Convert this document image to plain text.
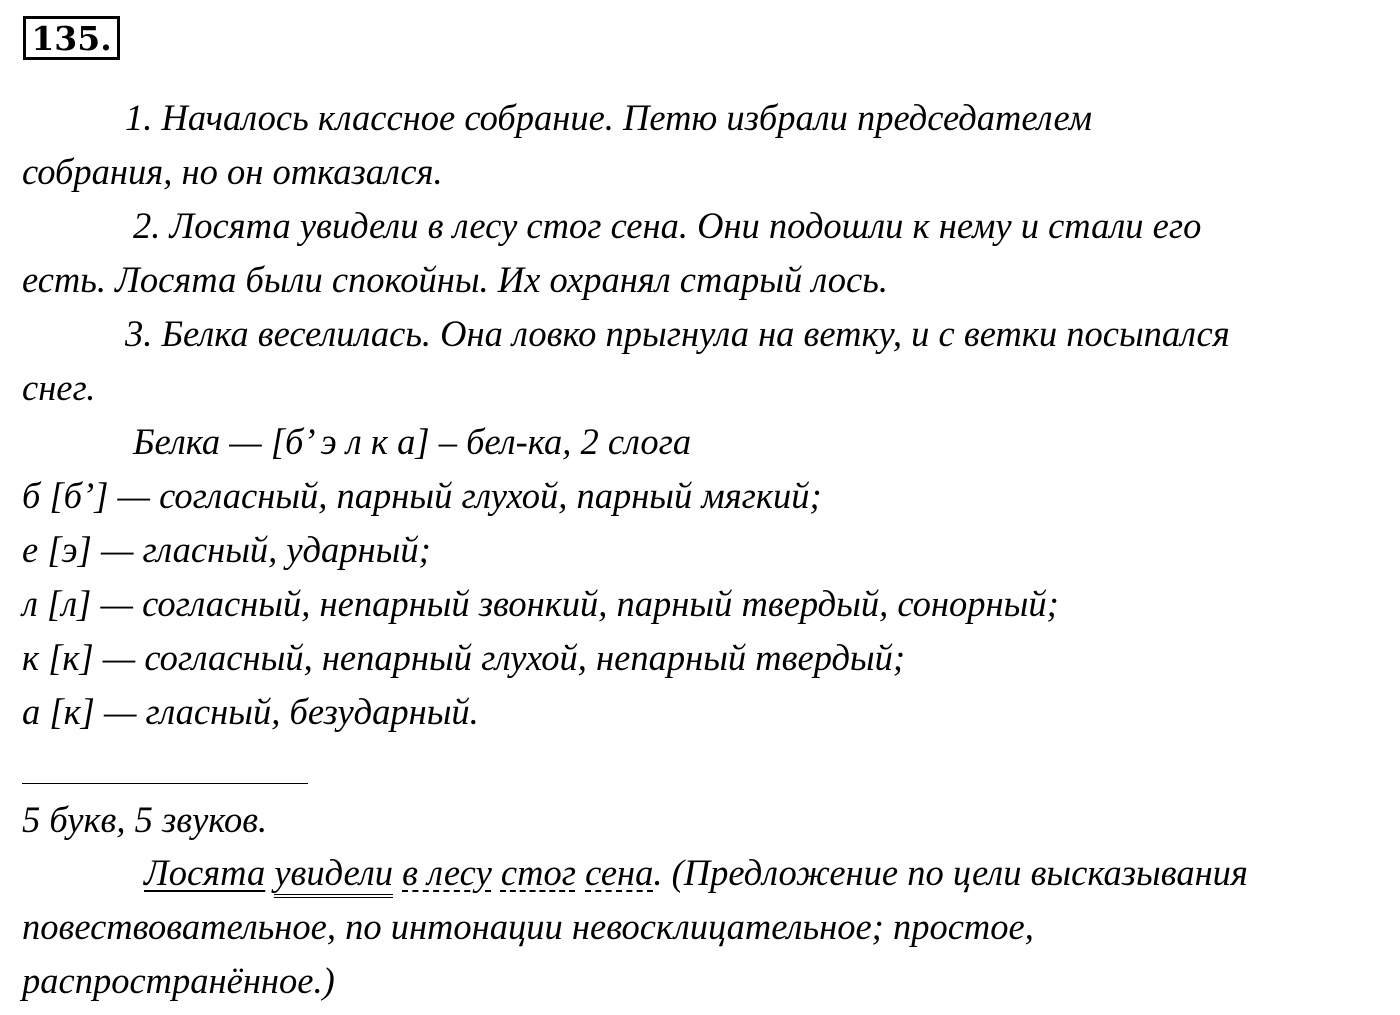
135.
1. Началось классное собрание. Петю избрали председателем
собрания, но он отказался.
2. Лосята увидели в лесу стог сена. Они подошли к нему и стали его
есть. Лосята были спокойны. Их охранял старый лось.
3. Белка веселилась. Она ловко прыгнула на ветку, и с ветки посыпался
снег.
Белка — [б’ э л к а] – бел-ка, 2 слога
б [б’] — согласный, парный глухой, парный мягкий;
е [э] — гласный, ударный;
л [л] — согласный, непарный звонкий, парный твердый, сонорный;
к [к] — согласный, непарный глухой, непарный твердый;
а [к] — гласный, безударный.
5 букв, 5 звуков.
Лосята увидели в лесу стог сена. (Предложение по цели высказывания
повествовательное, по интонации невосклицательное; простое,
распространённое.)
